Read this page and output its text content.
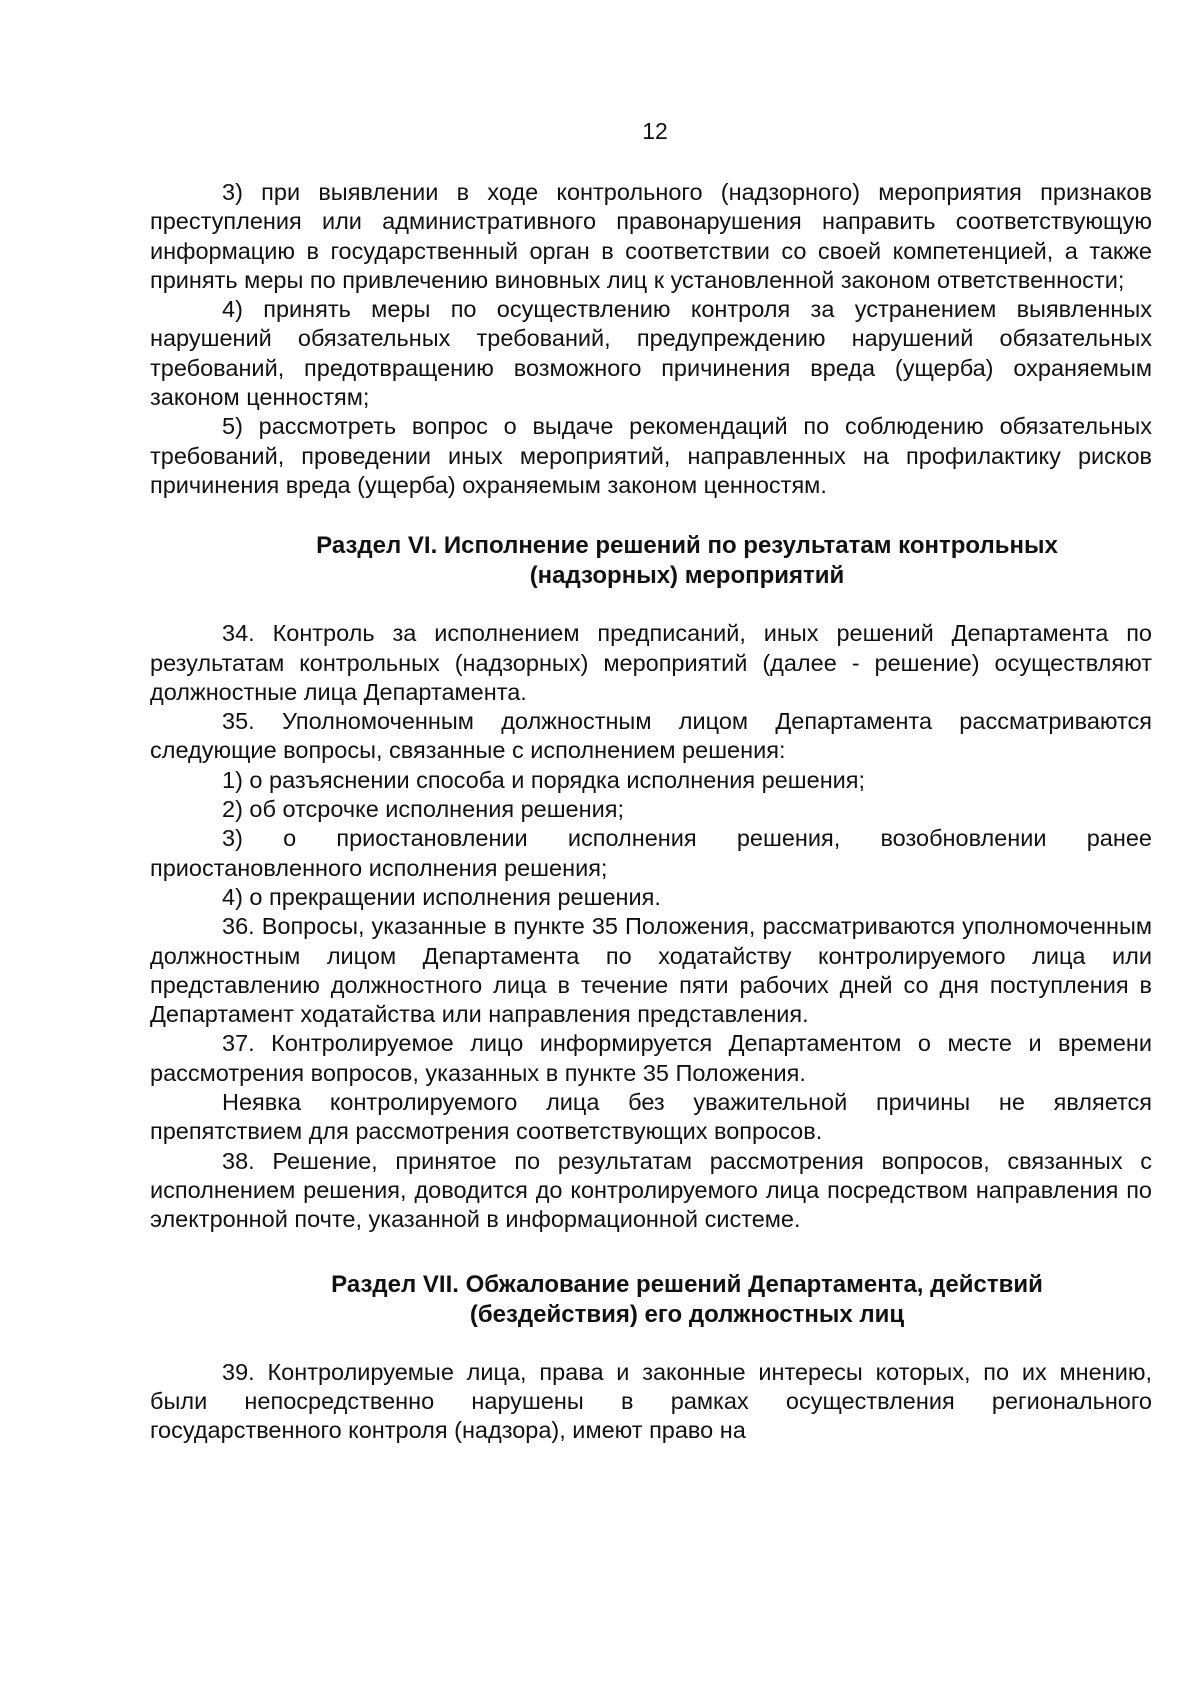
12

3) при выявлении в ходе контрольного (надзорного) мероприятия признаков преступления или административного правонарушения направить соответствующую информацию в государственный орган в соответствии со своей компетенцией, а также принять меры по привлечению виновных лиц к установленной законом ответственности;

4) принять меры по осуществлению контроля за устранением выявленных нарушений обязательных требований, предупреждению нарушений обязательных требований, предотвращению возможного причинения вреда (ущерба) охраняемым законом ценностям;

5) рассмотреть вопрос о выдаче рекомендаций по соблюдению обязательных требований, проведении иных мероприятий, направленных на профилактику рисков причинения вреда (ущерба) охраняемым законом ценностям.

Раздел VI. Исполнение решений по результатам контрольных
(надзорных) мероприятий

34. Контроль за исполнением предписаний, иных решений Департамента по результатам контрольных (надзорных) мероприятий (далее - решение) осуществляют должностные лица Департамента.

35. Уполномоченным должностным лицом Департамента рассматриваются следующие вопросы, связанные с исполнением решения:

1) о разъяснении способа и порядка исполнения решения;

2) об отсрочке исполнения решения;

3) о приостановлении исполнения решения, возобновлении ранее приостановленного исполнения решения;

4) о прекращении исполнения решения.

36. Вопросы, указанные в пункте 35 Положения, рассматриваются уполномоченным должностным лицом Департамента по ходатайству контролируемого лица или представлению должностного лица в течение пяти рабочих дней со дня поступления в Департамент ходатайства или направления представления.

37. Контролируемое лицо информируется Департаментом о месте и времени рассмотрения вопросов, указанных в пункте 35 Положения.

Неявка контролируемого лица без уважительной причины не является препятствием для рассмотрения соответствующих вопросов.

38. Решение, принятое по результатам рассмотрения вопросов, связанных с исполнением решения, доводится до контролируемого лица посредством направления по электронной почте, указанной в информационной системе.

Раздел VII. Обжалование решений Департамента, действий
(бездействия) его должностных лиц

39. Контролируемые лица, права и законные интересы которых, по их мнению, были непосредственно нарушены в рамках осуществления регионального государственного контроля (надзора), имеют право на
